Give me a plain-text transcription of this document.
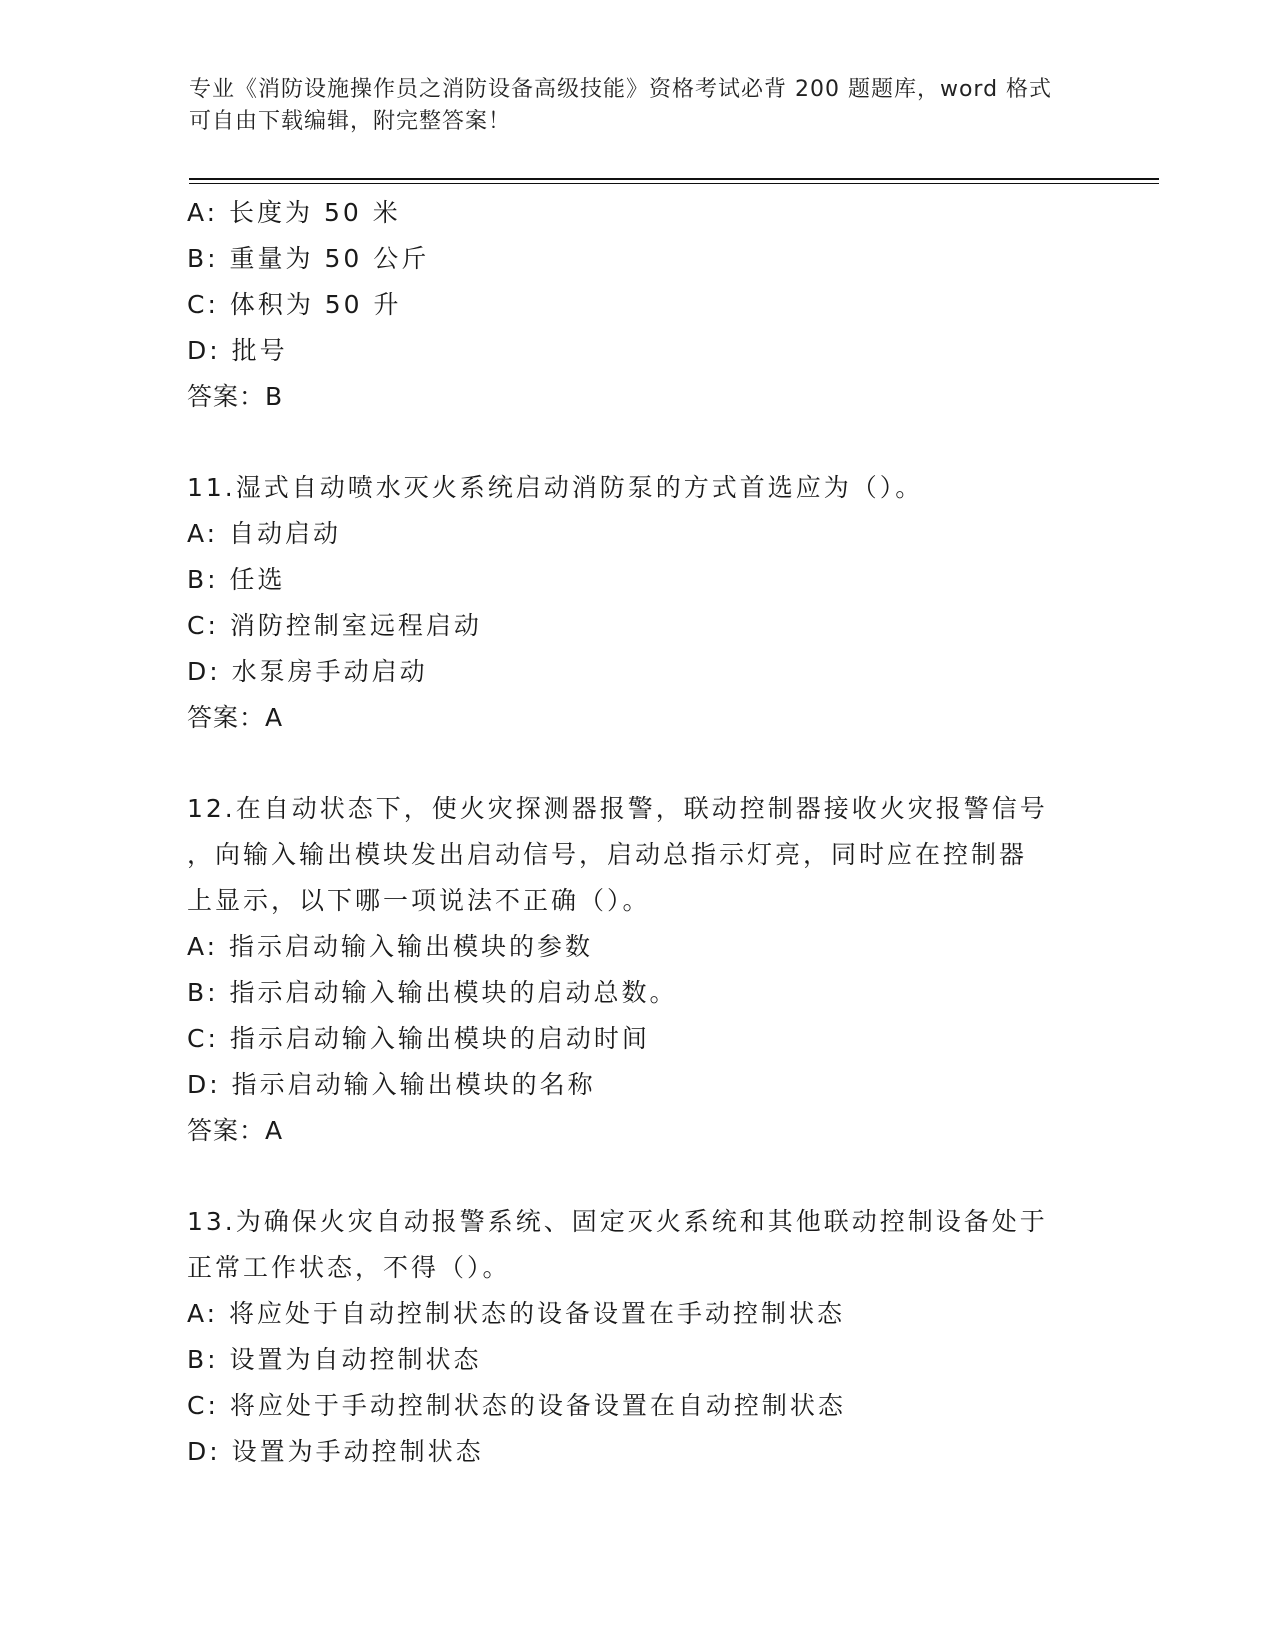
专业《消防设施操作员之消防设备高级技能》资格考试必背 200 题题库，word 格式可自由下载编辑，附完整答案！
A: 长度为 50 米
B: 重量为 50 公斤
C: 体积为 50 升
D: 批号
答案：B
11.湿式自动喷水灭火系统启动消防泵的方式首选应为（）。
A: 自动启动
B: 任选
C: 消防控制室远程启动
D: 水泵房手动启动
答案：A
12.在自动状态下，使火灾探测器报警，联动控制器接收火灾报警信号
，向输入输出模块发出启动信号，启动总指示灯亮，同时应在控制器
上显示，以下哪一项说法不正确（）。
A: 指示启动输入输出模块的参数
B: 指示启动输入输出模块的启动总数。
C: 指示启动输入输出模块的启动时间
D: 指示启动输入输出模块的名称
答案：A
13.为确保火灾自动报警系统、固定灭火系统和其他联动控制设备处于
正常工作状态，不得（）。
A: 将应处于自动控制状态的设备设置在手动控制状态
B: 设置为自动控制状态
C: 将应处于手动控制状态的设备设置在自动控制状态
D: 设置为手动控制状态
